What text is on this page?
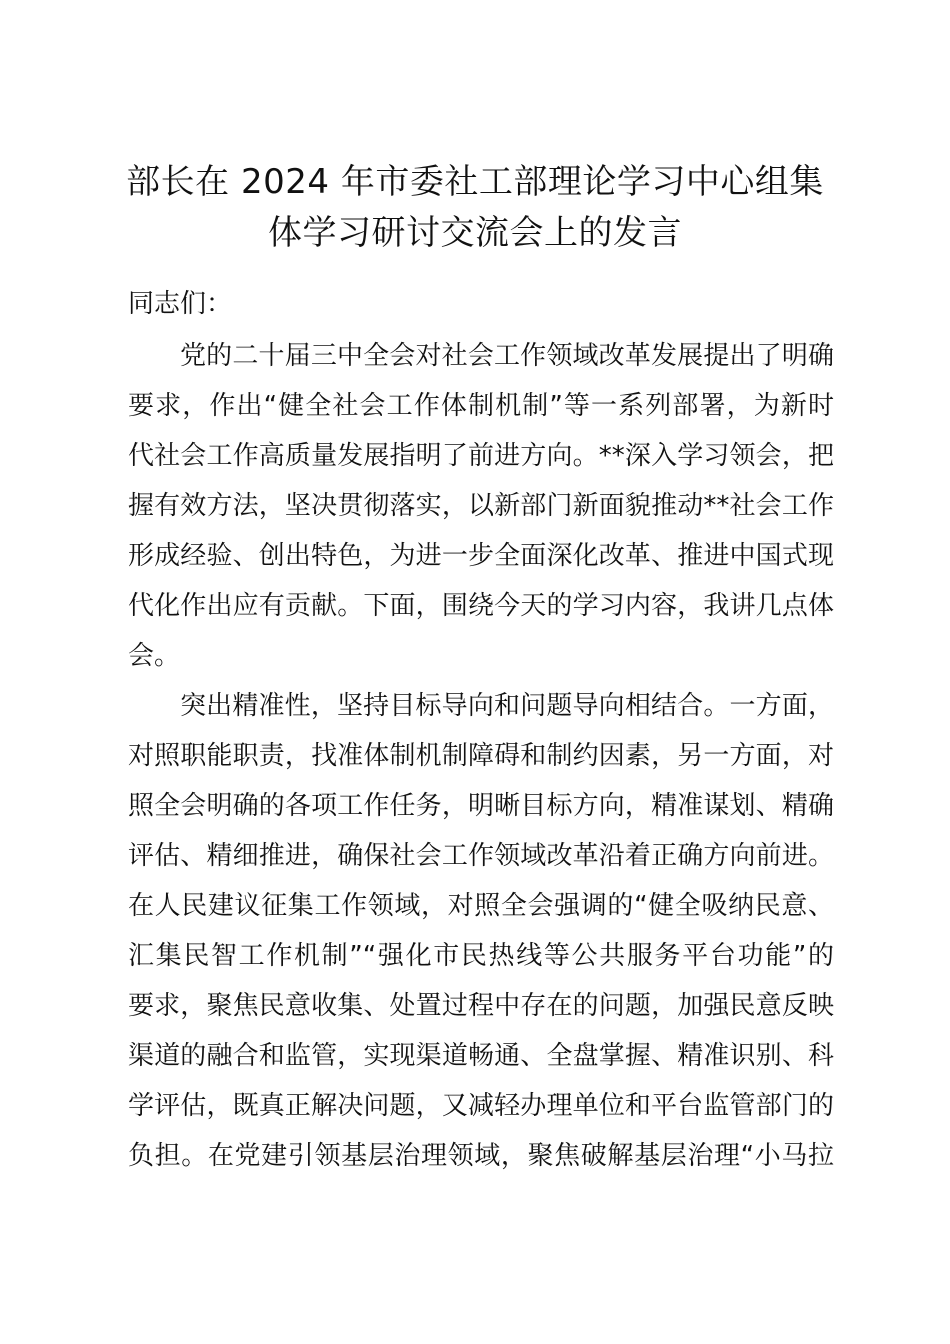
部长在 2024 年市委社工部理论学习中心组集
体学习研讨交流会上的发言

同志们：

党的二十届三中全会对社会工作领域改革发展提出了明确

要求，作出“健全社会工作体制机制”等一系列部署，为新时

代社会工作高质量发展指明了前进方向。**深入学习领会，把

握有效方法，坚决贯彻落实，以新部门新面貌推动**社会工作

形成经验、创出特色，为进一步全面深化改革、推进中国式现

代化作出应有贡献。下面，围绕今天的学习内容，我讲几点体

会。

突出精准性，坚持目标导向和问题导向相结合。一方面，

对照职能职责，找准体制机制障碍和制约因素，另一方面，对

照全会明确的各项工作任务，明晰目标方向，精准谋划、精确

评估、精细推进，确保社会工作领域改革沿着正确方向前进。

在人民建议征集工作领域，对照全会强调的“健全吸纳民意、

汇集民智工作机制”“强化市民热线等公共服务平台功能”的

要求，聚焦民意收集、处置过程中存在的问题，加强民意反映

渠道的融合和监管，实现渠道畅通、全盘掌握、精准识别、科

学评估，既真正解决问题，又减轻办理单位和平台监管部门的

负担。在党建引领基层治理领域，聚焦破解基层治理“小马拉
